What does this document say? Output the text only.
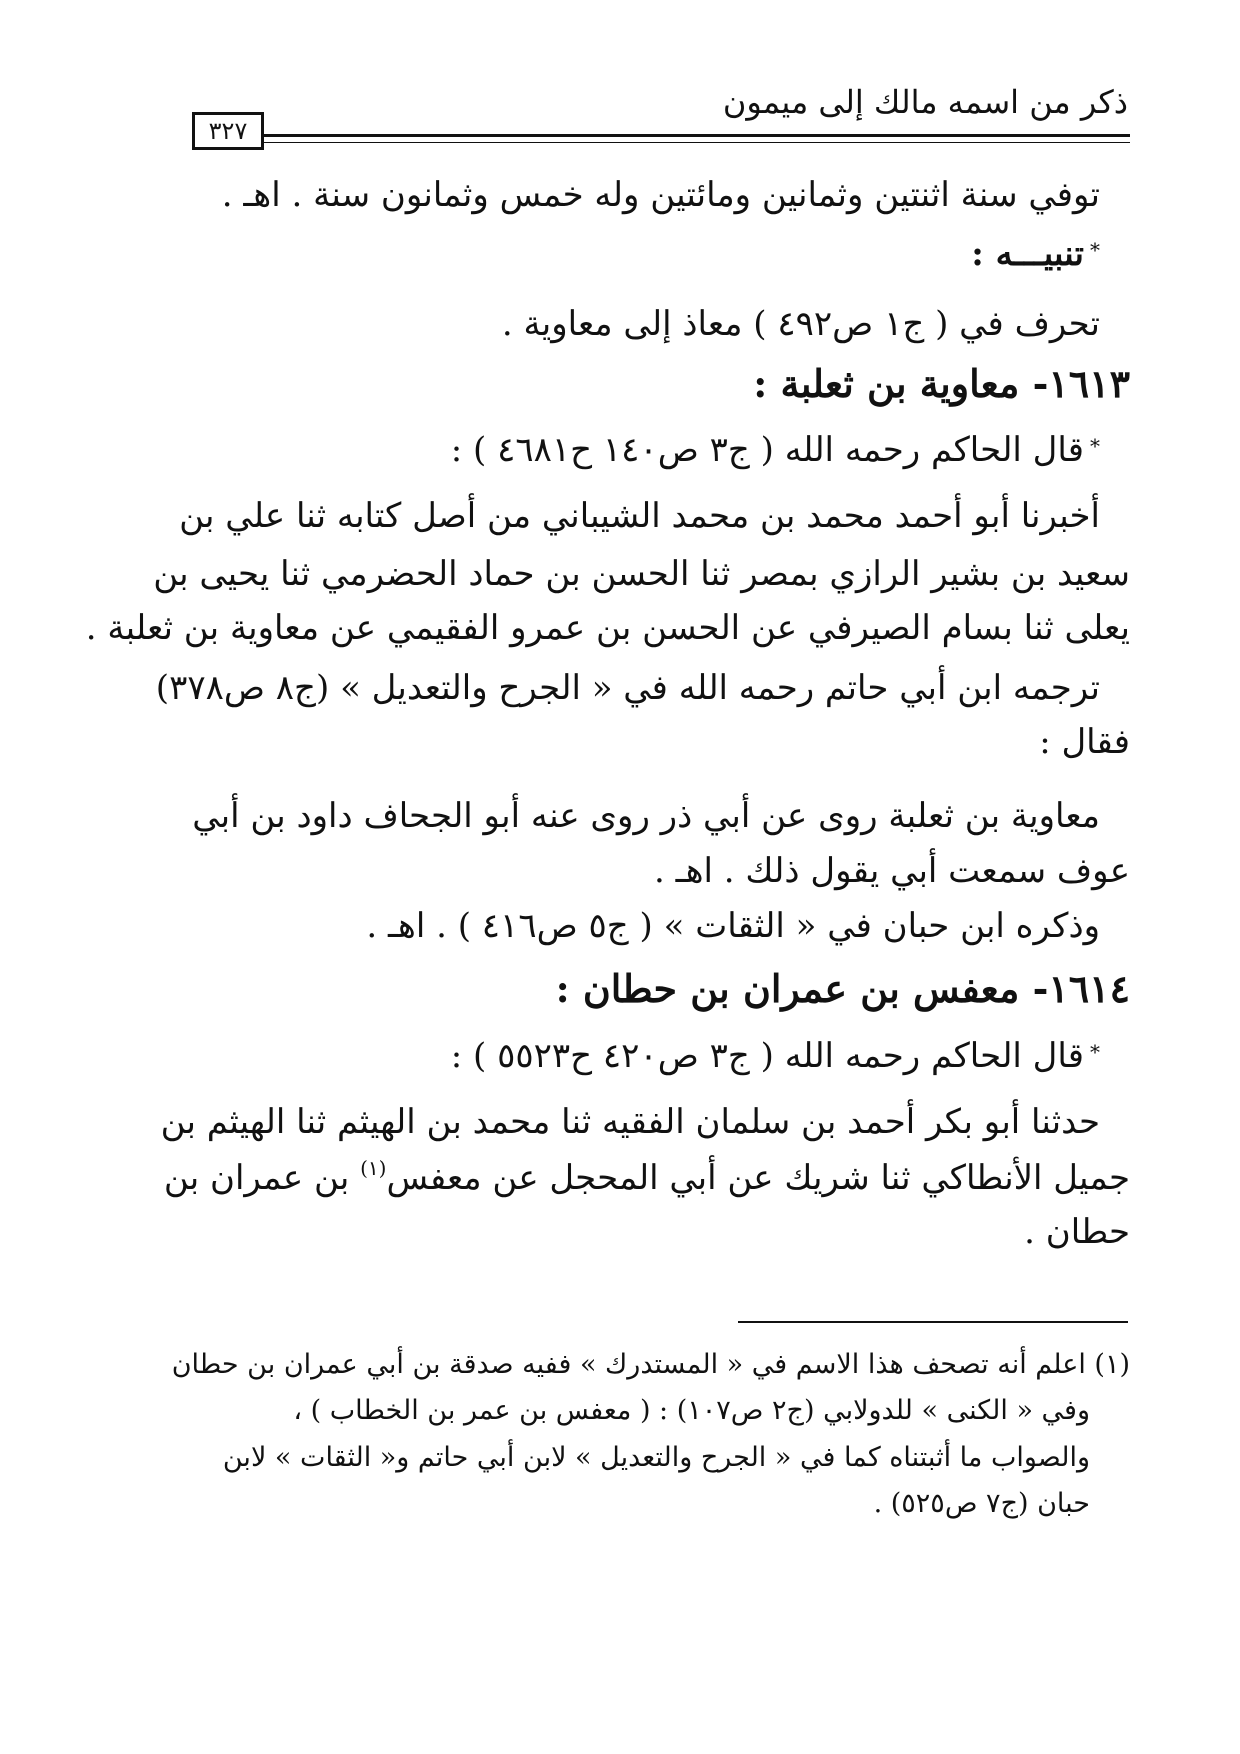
ذكر من اسمه مالك إلى ميمون
٣٢٧
توفي سنة اثنتين وثمانين ومائتين وله خمس وثمانون سنة . اهـ .
*تنبيـــه :
تحرف في ( ج١ ص٤٩٢ ) معاذ إلى معاوية .
١٦١٣- معاوية بن ثعلبة :
*قال الحاكم رحمه الله ( ج٣ ص١٤٠ ح٤٦٨١ ) :
أخبرنا أبو أحمد محمد بن محمد الشيباني من أصل كتابه ثنا علي بن
سعيد بن بشير الرازي بمصر ثنا الحسن بن حماد الحضرمي ثنا يحيى بن
يعلى ثنا بسام الصيرفي عن الحسن بن عمرو الفقيمي عن معاوية بن ثعلبة .
ترجمه ابن أبي حاتم رحمه الله في « الجرح والتعديل » (ج٨ ص٣٧٨)
فقال :
معاوية بن ثعلبة روى عن أبي ذر روى عنه أبو الجحاف داود بن أبي
عوف سمعت أبي يقول ذلك . اهـ .
وذكره ابن حبان في « الثقات » ( ج٥ ص٤١٦ ) . اهـ .
١٦١٤- معفس بن عمران بن حطان :
*قال الحاكم رحمه الله ( ج٣ ص٤٢٠ ح٥٥٢٣ ) :
حدثنا أبو بكر أحمد بن سلمان الفقيه ثنا محمد بن الهيثم ثنا الهيثم بن
جميل الأنطاكي ثنا شريك عن أبي المحجل عن معفس$^{(١)}$ بن عمران بن
حطان .
(١) اعلم أنه تصحف هذا الاسم في « المستدرك » ففيه صدقة بن أبي عمران بن حطان
وفي « الكنى » للدولابي (ج٢ ص١٠٧) : ( معفس بن عمر بن الخطاب ) ،
والصواب ما أثبتناه كما في « الجرح والتعديل » لابن أبي حاتم و« الثقات » لابن
حبان (ج٧ ص٥٢٥) .
